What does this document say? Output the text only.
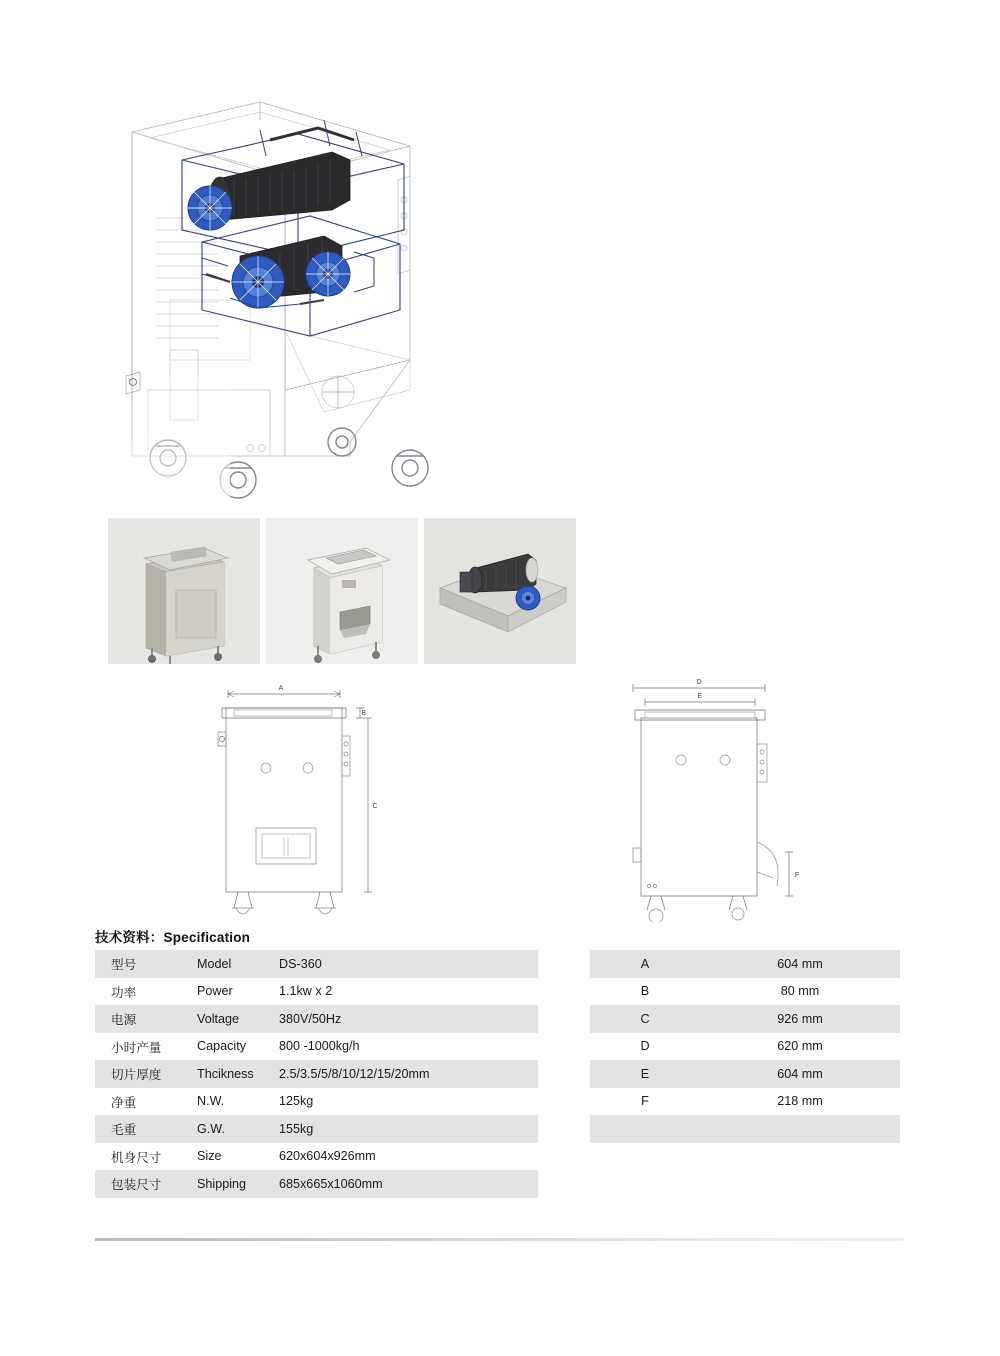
A
B
C
D
E
F
技术资料：Specification
型号	Model	DS-360
功率	Power	1.1kw x 2
电源	Voltage	380V/50Hz
小时产量	Capacity	800 -1000kg/h
切片厚度	Thcikness	2.5/3.5/5/8/10/12/15/20mm
净重	N.W.	125kg
毛重	G.W.	155kg
机身尺寸	Size	620x604x926mm
包装尺寸	Shipping	685x665x1060mm
A	604 mm
B	80 mm
C	926 mm
D	620 mm
E	604 mm
F	218 mm
